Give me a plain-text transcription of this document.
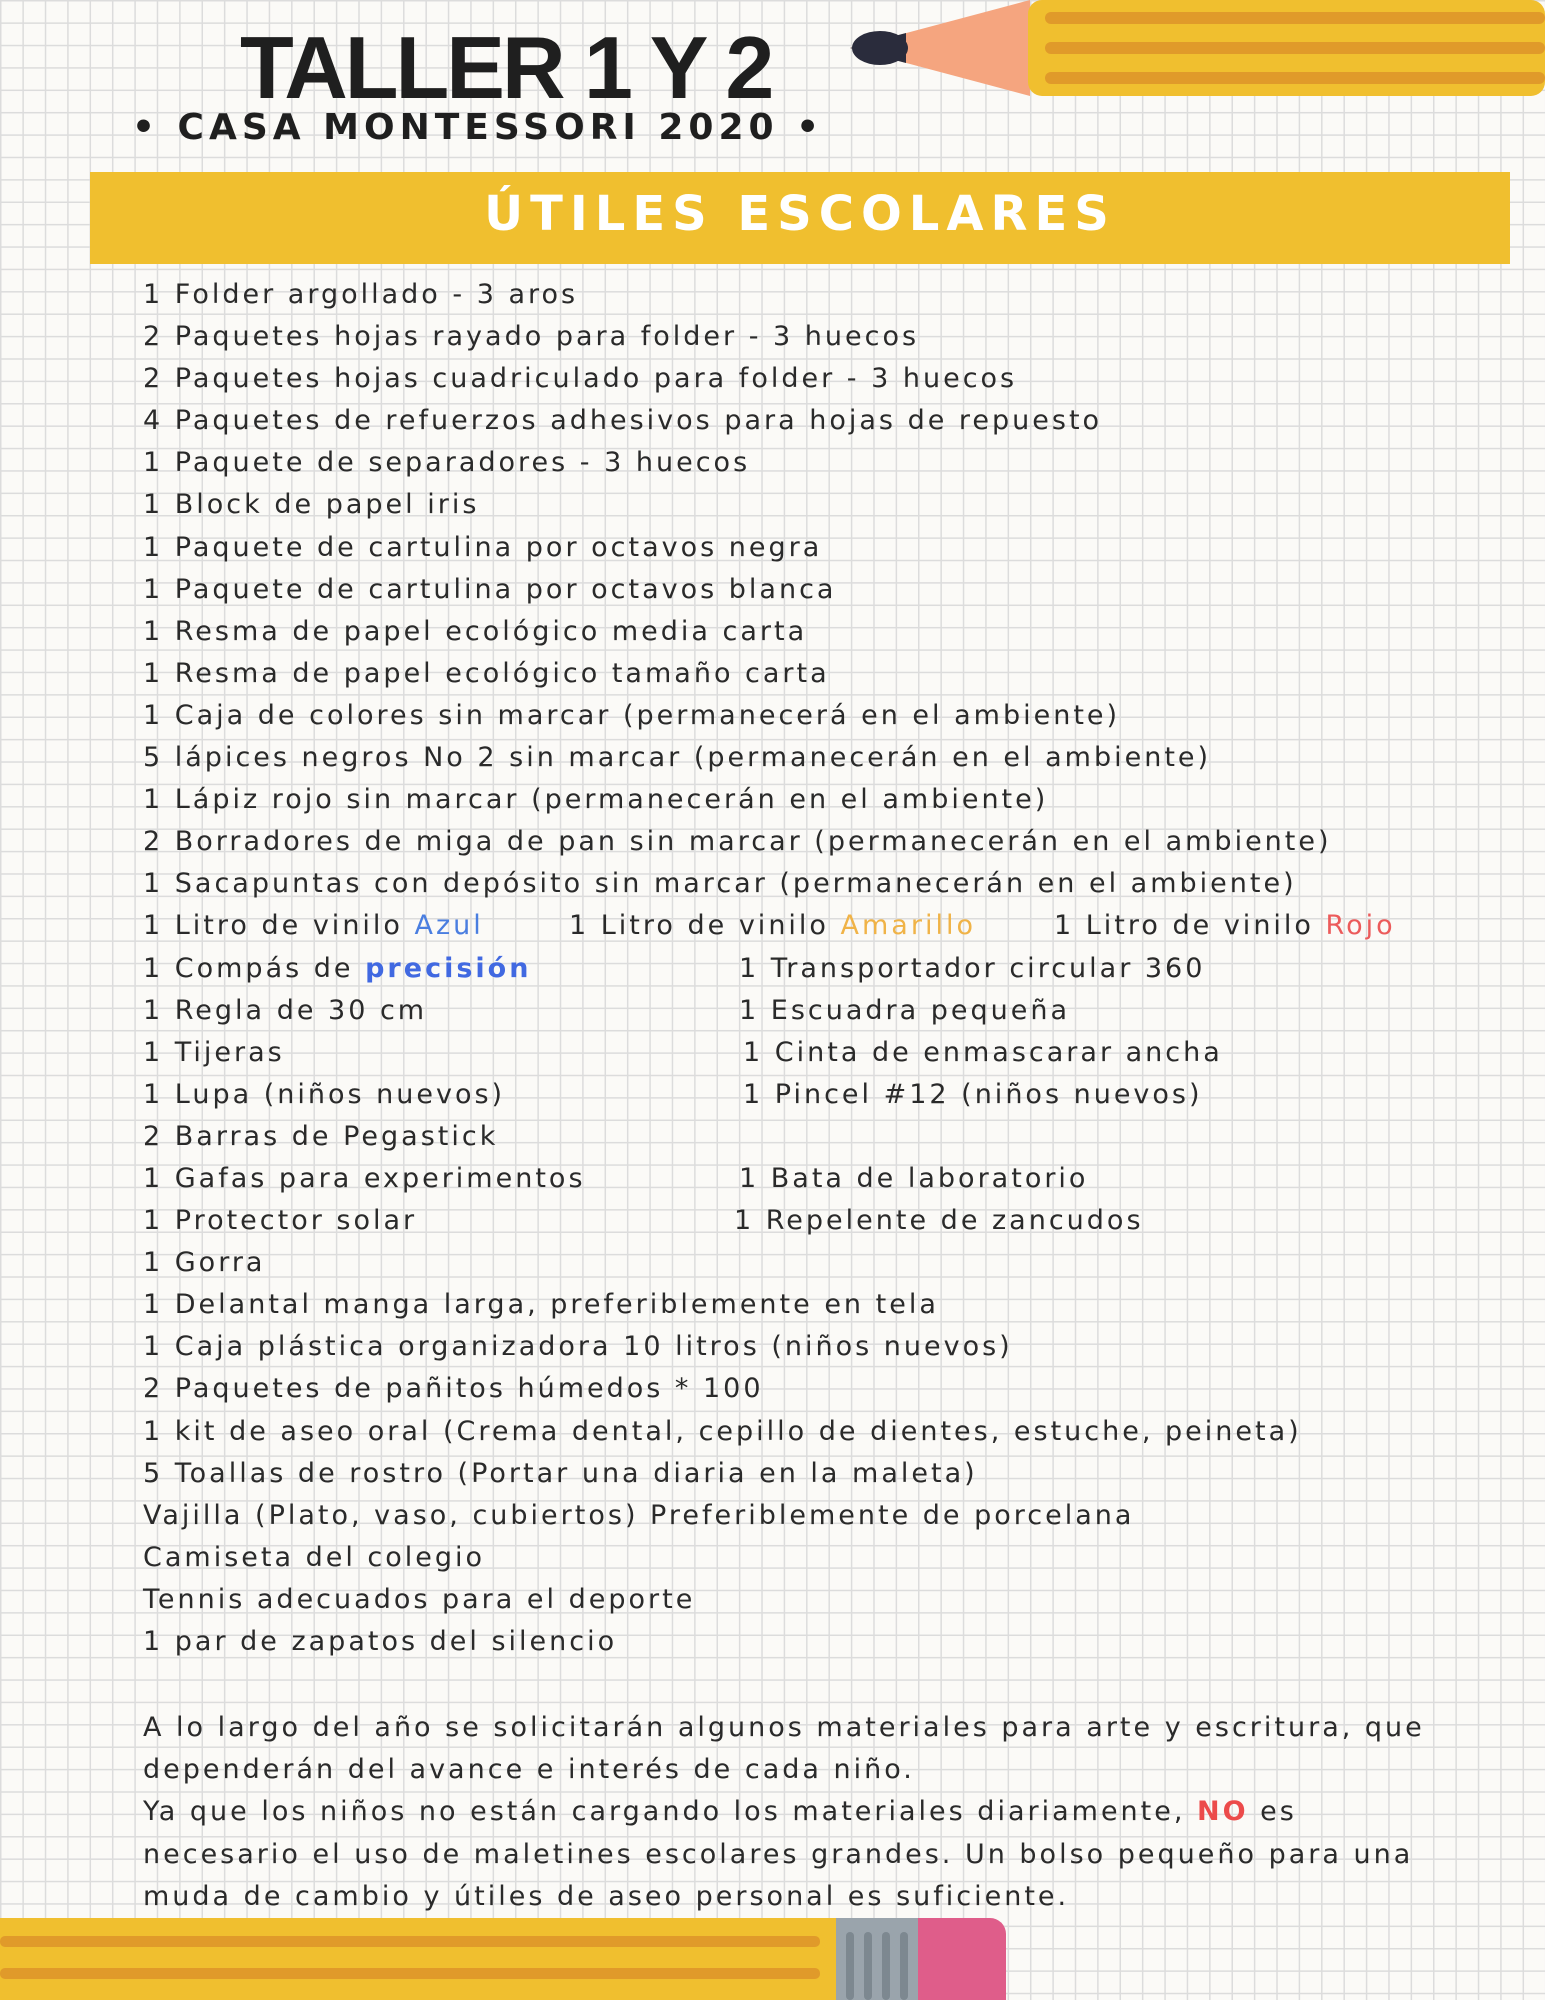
TALLER 1 Y 2
• CASA MONTESSORI 2020 •
ÚTILES ESCOLARES
1 Folder argollado - 3 aros
2 Paquetes hojas rayado para folder - 3 huecos
2 Paquetes hojas cuadriculado para folder - 3 huecos
4 Paquetes de refuerzos adhesivos para hojas de repuesto
1 Paquete de separadores - 3 huecos
1 Block de papel iris
1 Paquete de cartulina por octavos negra
1 Paquete de cartulina por octavos blanca
1 Resma de papel ecológico media carta
1 Resma de papel ecológico tamaño carta
1 Caja de colores sin marcar (permanecerá en el ambiente)
5 lápices negros No 2 sin marcar (permanecerán en el ambiente)
1 Lápiz rojo sin marcar (permanecerán en el ambiente)
2 Borradores de miga de pan sin marcar (permanecerán en el ambiente)
1 Sacapuntas con depósito sin marcar (permanecerán en el ambiente)
1 Litro de vinilo Azul	1 Litro de vinilo Amarillo	1 Litro de vinilo Rojo
1 Compás de precisión	1 Transportador circular 360
1 Regla de 30 cm	1 Escuadra pequeña
1 Tijeras	1 Cinta de enmascarar ancha
1 Lupa (niños nuevos)	1 Pincel #12 (niños nuevos)
2 Barras de Pegastick
1 Gafas para experimentos	1 Bata de laboratorio
1 Protector solar	1 Repelente de zancudos
1 Gorra
1 Delantal manga larga, preferiblemente en tela
1 Caja plástica organizadora 10 litros (niños nuevos)
2 Paquetes de pañitos húmedos * 100
1 kit de aseo oral (Crema dental, cepillo de dientes, estuche, peineta)
5 Toallas de rostro (Portar una diaria en la maleta)
Vajilla (Plato, vaso, cubiertos) Preferiblemente de porcelana
Camiseta del colegio
Tennis adecuados para el deporte
1 par de zapatos del silencio

A lo largo del año se solicitarán algunos materiales para arte y escritura, que dependerán del avance e interés de cada niño.

Ya que los niños no están cargando los materiales diariamente, NO es necesario el uso de maletines escolares grandes. Un bolso pequeño para una muda de cambio y útiles de aseo personal es suficiente.
